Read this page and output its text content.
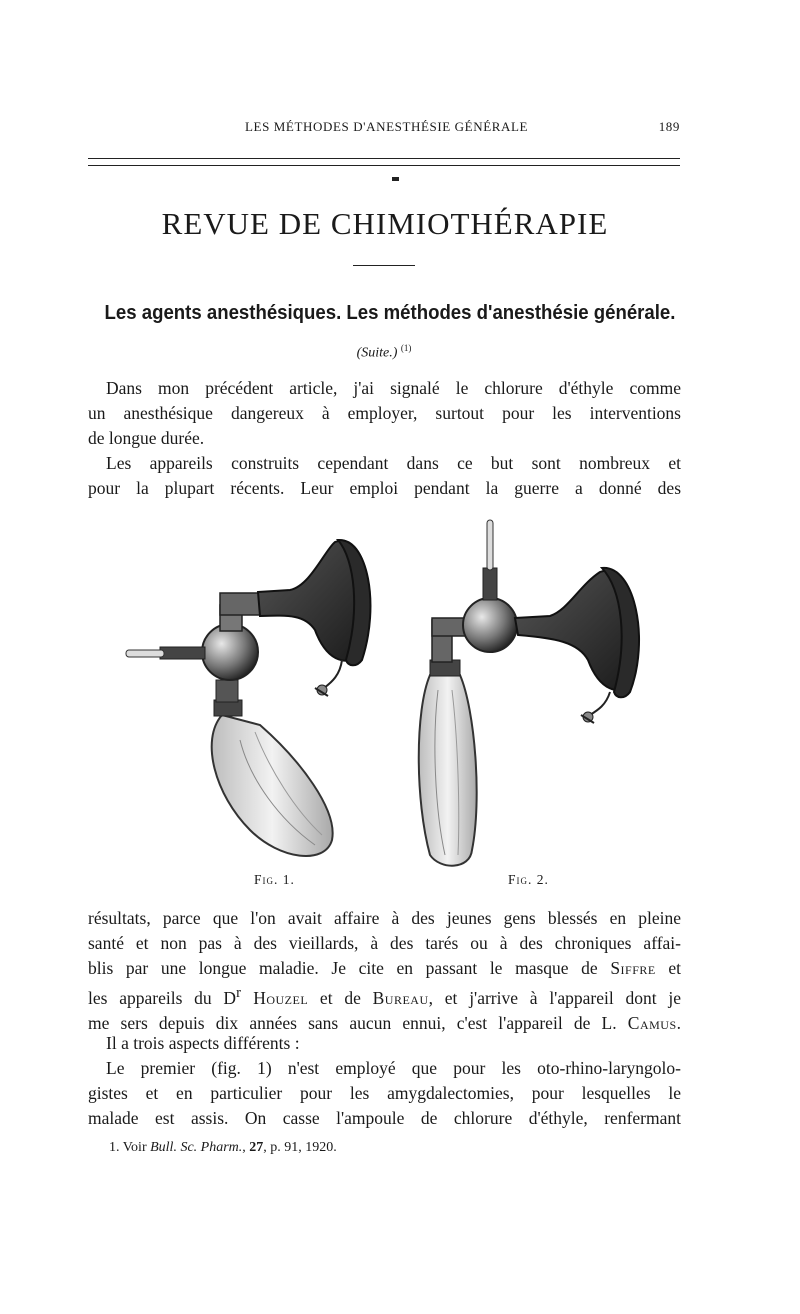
LES MÉTHODES D'ANESTHÉSIE GÉNÉRALE	189
REVUE DE CHIMIOTHÉRAPIE
Les agents anesthésiques. Les méthodes d'anesthésie générale.
(Suite.) $^{(1)}$

Dans mon précédent article, j'ai signalé le chlorure d'éthyle comme
un anesthésique dangereux à employer, surtout pour les interventions
de longue durée.

Les appareils construits cependant dans ce but sont nombreux et
pour la plupart récents. Leur emploi pendant la guerre a donné des

Fig. 1.	Fig. 2.

résultats, parce que l'on avait affaire à des jeunes gens blessés en pleine
santé et non pas à des vieillards, à des tarés ou à des chroniques affai-
blis par une longue maladie. Je cite en passant le masque de Siffre et
les appareils du $D^r$ Houzel et de Bureau, et j'arrive à l'appareil dont je
me sers depuis dix années sans aucun ennui, c'est l'appareil de L. Camus.

Il a trois aspects différents :

Le premier (fig. 1) n'est employé que pour les oto-rhino-laryngolo-
gistes et en particulier pour les amygdalectomies, pour lesquelles le
malade est assis. On casse l'ampoule de chlorure d'éthyle, renfermant

1. Voir Bull. Sc. Pharm., 27, p. 91, 1920.
